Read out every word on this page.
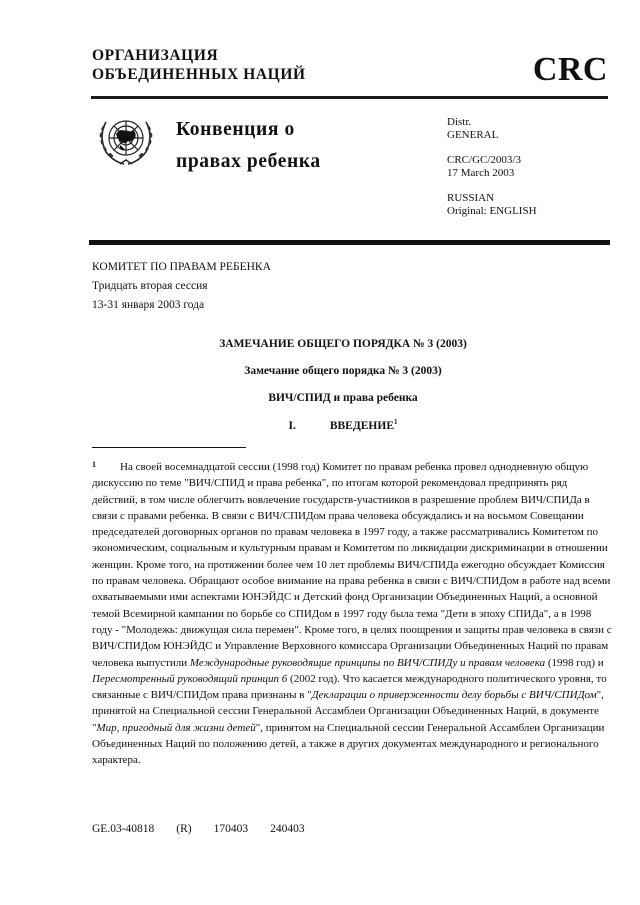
ОРГАНИЗАЦИЯ
ОБЪЕДИНЕННЫХ НАЦИЙ	CRC
Конвенция о
правах ребенка
Distr.
GENERAL
CRC/GC/2003/3
17 March 2003
RUSSIAN
Original: ENGLISH
КОМИТЕТ ПО ПРАВАМ РЕБЕНКА
Тридцать вторая сессия
13-31 января 2003 года
ЗАМЕЧАНИЕ ОБЩЕГО ПОРЯДКА № 3 (2003)
Замечание общего порядка № 3 (2003)
ВИЧ/СПИД и права ребенка
I.	ВВЕДЕНИЕ$^1$
1 На своей восемнадцатой сессии (1998 год) Комитет по правам ребенка провел однодневную общую дискуссию по теме "ВИЧ/СПИД и права ребенка", по итогам которой рекомендовал предпринять ряд действий, в том числе облегчить вовлечение государств-участников в разрешение проблем ВИЧ/СПИДа в связи с правами ребенка. В связи с ВИЧ/СПИДом права человека обсуждались и на восьмом Совещании председателей договорных органов по правам человека в 1997 году, а также рассматривались Комитетом по экономическим, социальным и культурным правам и Комитетом по ликвидации дискриминации в отношении женщин. Кроме того, на протяжении более чем 10 лет проблемы ВИЧ/СПИДа ежегодно обсуждает Комиссия по правам человека. Обращают особое внимание на права ребенка в связи с ВИЧ/СПИДом в работе над всеми охватываемыми ими аспектами ЮНЭЙДС и Детский фонд Организации Объединенных Наций, а основной темой Всемирной кампании по борьбе со СПИДом в 1997 году была тема "Дети в эпоху СПИДа", а в 1998 году - "Молодежь: движущая сила перемен". Кроме того, в целях поощрения и защиты прав человека в связи с ВИЧ/СПИДом ЮНЭЙДС и Управление Верховного комиссара Организации Объединенных Наций по правам человека выпустили Международные руководящие принципы по ВИЧ/СПИДу и правам человека (1998 год) и Пересмотренный руководящий принцип 6 (2002 год). Что касается международного политического уровня, то связанные с ВИЧ/СПИДом права признаны в "Декларации о приверженности делу борьбы с ВИЧ/СПИДом", принятой на Специальной сессии Генеральной Ассамблеи Организации Объединенных Наций, в документе "Мир, пригодный для жизни детей", принятом на Специальной сессии Генеральной Ассамблеи Организации Объединенных Наций по положению детей, а также в других документах международного и регионального характера.
GE.03-40818 (R) 170403 240403
